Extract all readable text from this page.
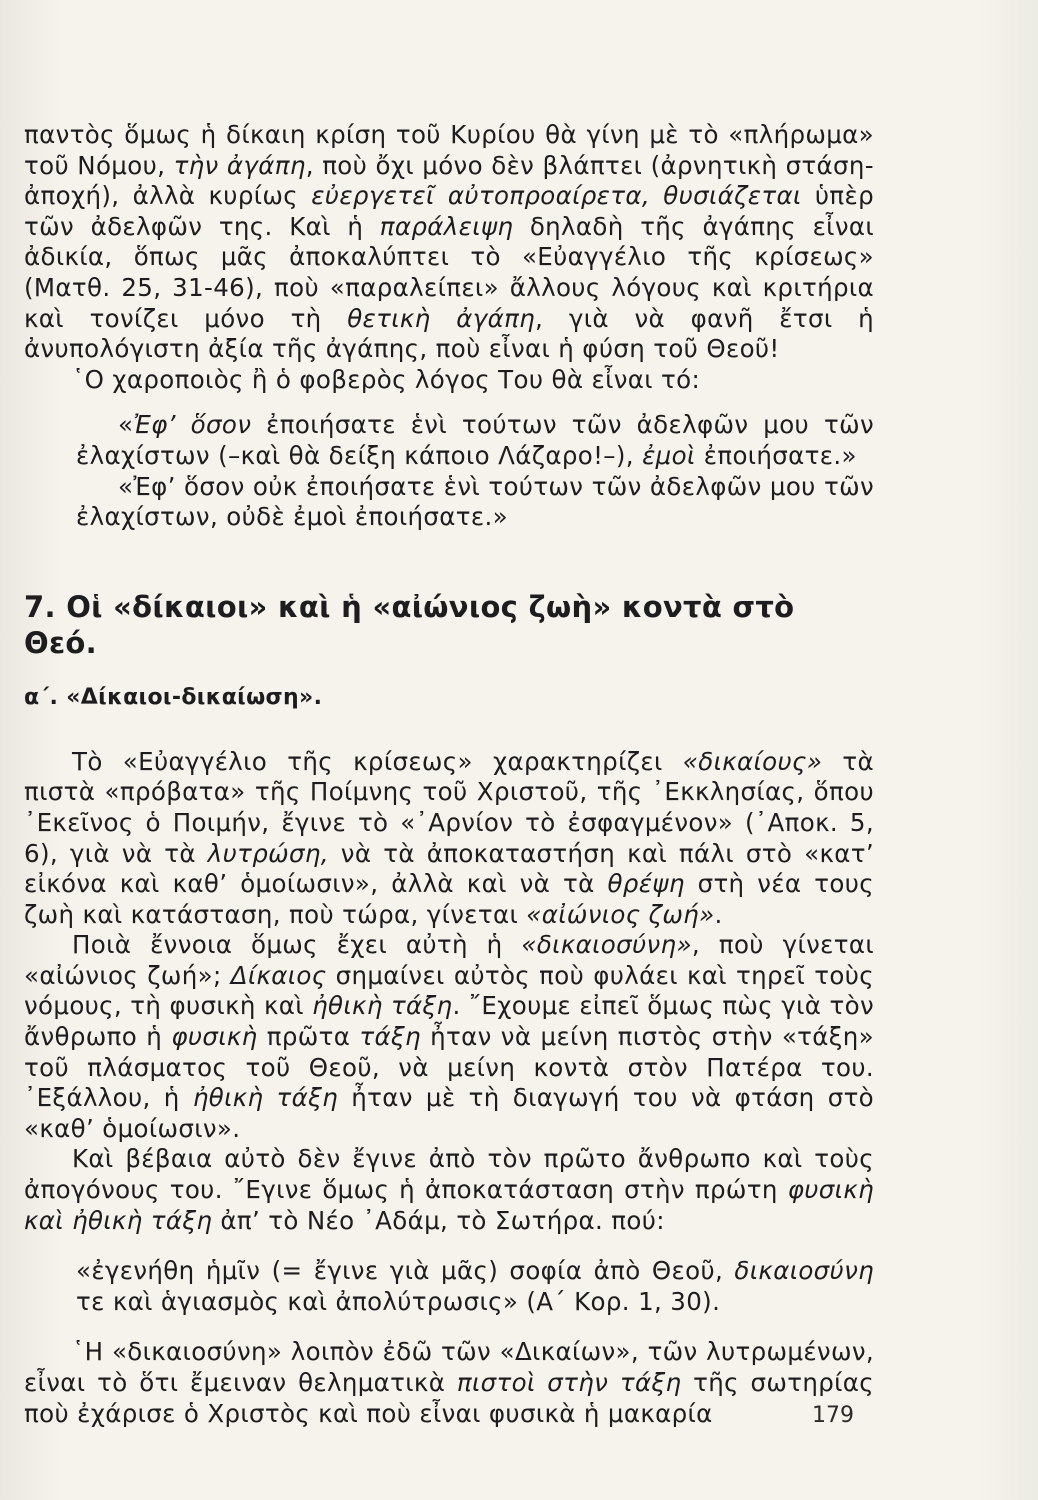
παντὸς ὅμως ἡ δίκαιη κρίση τοῦ Κυρίου θὰ γίνη μὲ τὸ «πλήρωμα» τοῦ Νόμου, τὴν ἀγάπη, ποὺ ὄχι μόνο δὲν βλάπτει (ἀρνητικὴ στάση-ἀποχή), ἀλλὰ κυρίως εὐεργετεῖ αὐτοπροαίρετα, θυσιάζεται ὑπὲρ τῶν ἀδελφῶν της. Καὶ ἡ παράλειψη δηλαδὴ τῆς ἀγάπης εἶναι ἀδικία, ὅπως μᾶς ἀποκαλύπτει τὸ «Εὐαγγέλιο τῆς κρίσεως» (Ματθ. 25, 31-46), ποὺ «παραλείπει» ἄλλους λόγους καὶ κριτήρια καὶ τονίζει μόνο τὴ θετικὴ ἀγάπη, γιὰ νὰ φανῆ ἔτσι ἡ ἀνυπολόγιστη ἀξία τῆς ἀγάπης, ποὺ εἶναι ἡ φύση τοῦ Θεοῦ!

῾Ο χαροποιὸς ἢ ὁ φοβερὸς λόγος Του θὰ εἶναι τό:

«Ἐφ’ ὅσον ἐποιήσατε ἑνὶ τούτων τῶν ἀδελφῶν μου τῶν ἐλαχίστων (–καὶ θὰ δείξη κάποιο Λάζαρο!–), ἐμοὶ ἐποιήσατε.»

«Ἐφ’ ὅσον οὐκ ἐποιήσατε ἑνὶ τούτων τῶν ἀδελφῶν μου τῶν ἐλαχίστων, οὐδὲ ἐμοὶ ἐποιήσατε.»

7. Οἱ «δίκαιοι» καὶ ἡ «αἰώνιος ζωὴ» κοντὰ στὸ Θεό.
α΄. «Δίκαιοι-δικαίωση».

Τὸ «Εὐαγγέλιο τῆς κρίσεως» χαρακτηρίζει «δικαίους» τὰ πιστὰ «πρόβατα» τῆς Ποίμνης τοῦ Χριστοῦ, τῆς ᾿Εκκλησίας, ὅπου ᾿Εκεῖνος ὁ Ποιμήν, ἔγινε τὸ «᾿Αρνίον τὸ ἐσφαγμένον» (᾿Αποκ. 5, 6), γιὰ νὰ τὰ λυτρώση, νὰ τὰ ἀποκαταστήση καὶ πάλι στὸ «κατ’ εἰκόνα καὶ καθ’ ὁμοίωσιν», ἀλλὰ καὶ νὰ τὰ θρέψη στὴ νέα τους ζωὴ καὶ κατάσταση, ποὺ τώρα, γίνεται «αἰώνιος ζωή».

Ποιὰ ἔννοια ὅμως ἔχει αὐτὴ ἡ «δικαιοσύνη», ποὺ γίνεται «αἰώνιος ζωή»; Δίκαιος σημαίνει αὐτὸς ποὺ φυλάει καὶ τηρεῖ τοὺς νόμους, τὴ φυσικὴ καὶ ἠθικὴ τάξη. ῎Εχουμε εἰπεῖ ὅμως πὼς γιὰ τὸν ἄνθρωπο ἡ φυσικὴ πρῶτα τάξη ἦταν νὰ μείνη πιστὸς στὴν «τάξη» τοῦ πλάσματος τοῦ Θεοῦ, νὰ μείνη κοντὰ στὸν Πατέρα του. ᾿Εξάλλου, ἡ ἠθικὴ τάξη ἦταν μὲ τὴ διαγωγή του νὰ φτάση στὸ «καθ’ ὁμοίωσιν».

Καὶ βέβαια αὐτὸ δὲν ἔγινε ἀπὸ τὸν πρῶτο ἄνθρωπο καὶ τοὺς ἀπογόνους του. ῎Εγινε ὅμως ἡ ἀποκατάσταση στὴν πρώτη φυσικὴ καὶ ἠθικὴ τάξη ἀπ’ τὸ Νέο ᾿Αδάμ, τὸ Σωτήρα. πού:

«ἐγενήθη ἡμῖν (= ἔγινε γιὰ μᾶς) σοφία ἀπὸ Θεοῦ, δικαιοσύνη τε καὶ ἁγιασμὸς καὶ ἀπολύτρωσις» (Α΄ Κορ. 1, 30).

῾Η «δικαιοσύνη» λοιπὸν ἐδῶ τῶν «Δικαίων», τῶν λυτρωμένων, εἶναι τὸ ὅτι ἔμειναν θεληματικὰ πιστοὶ στὴν τάξη τῆς σωτηρίας ποὺ ἐχάρισε ὁ Χριστὸς καὶ ποὺ εἶναι φυσικὰ ἡ μακαρία	179
